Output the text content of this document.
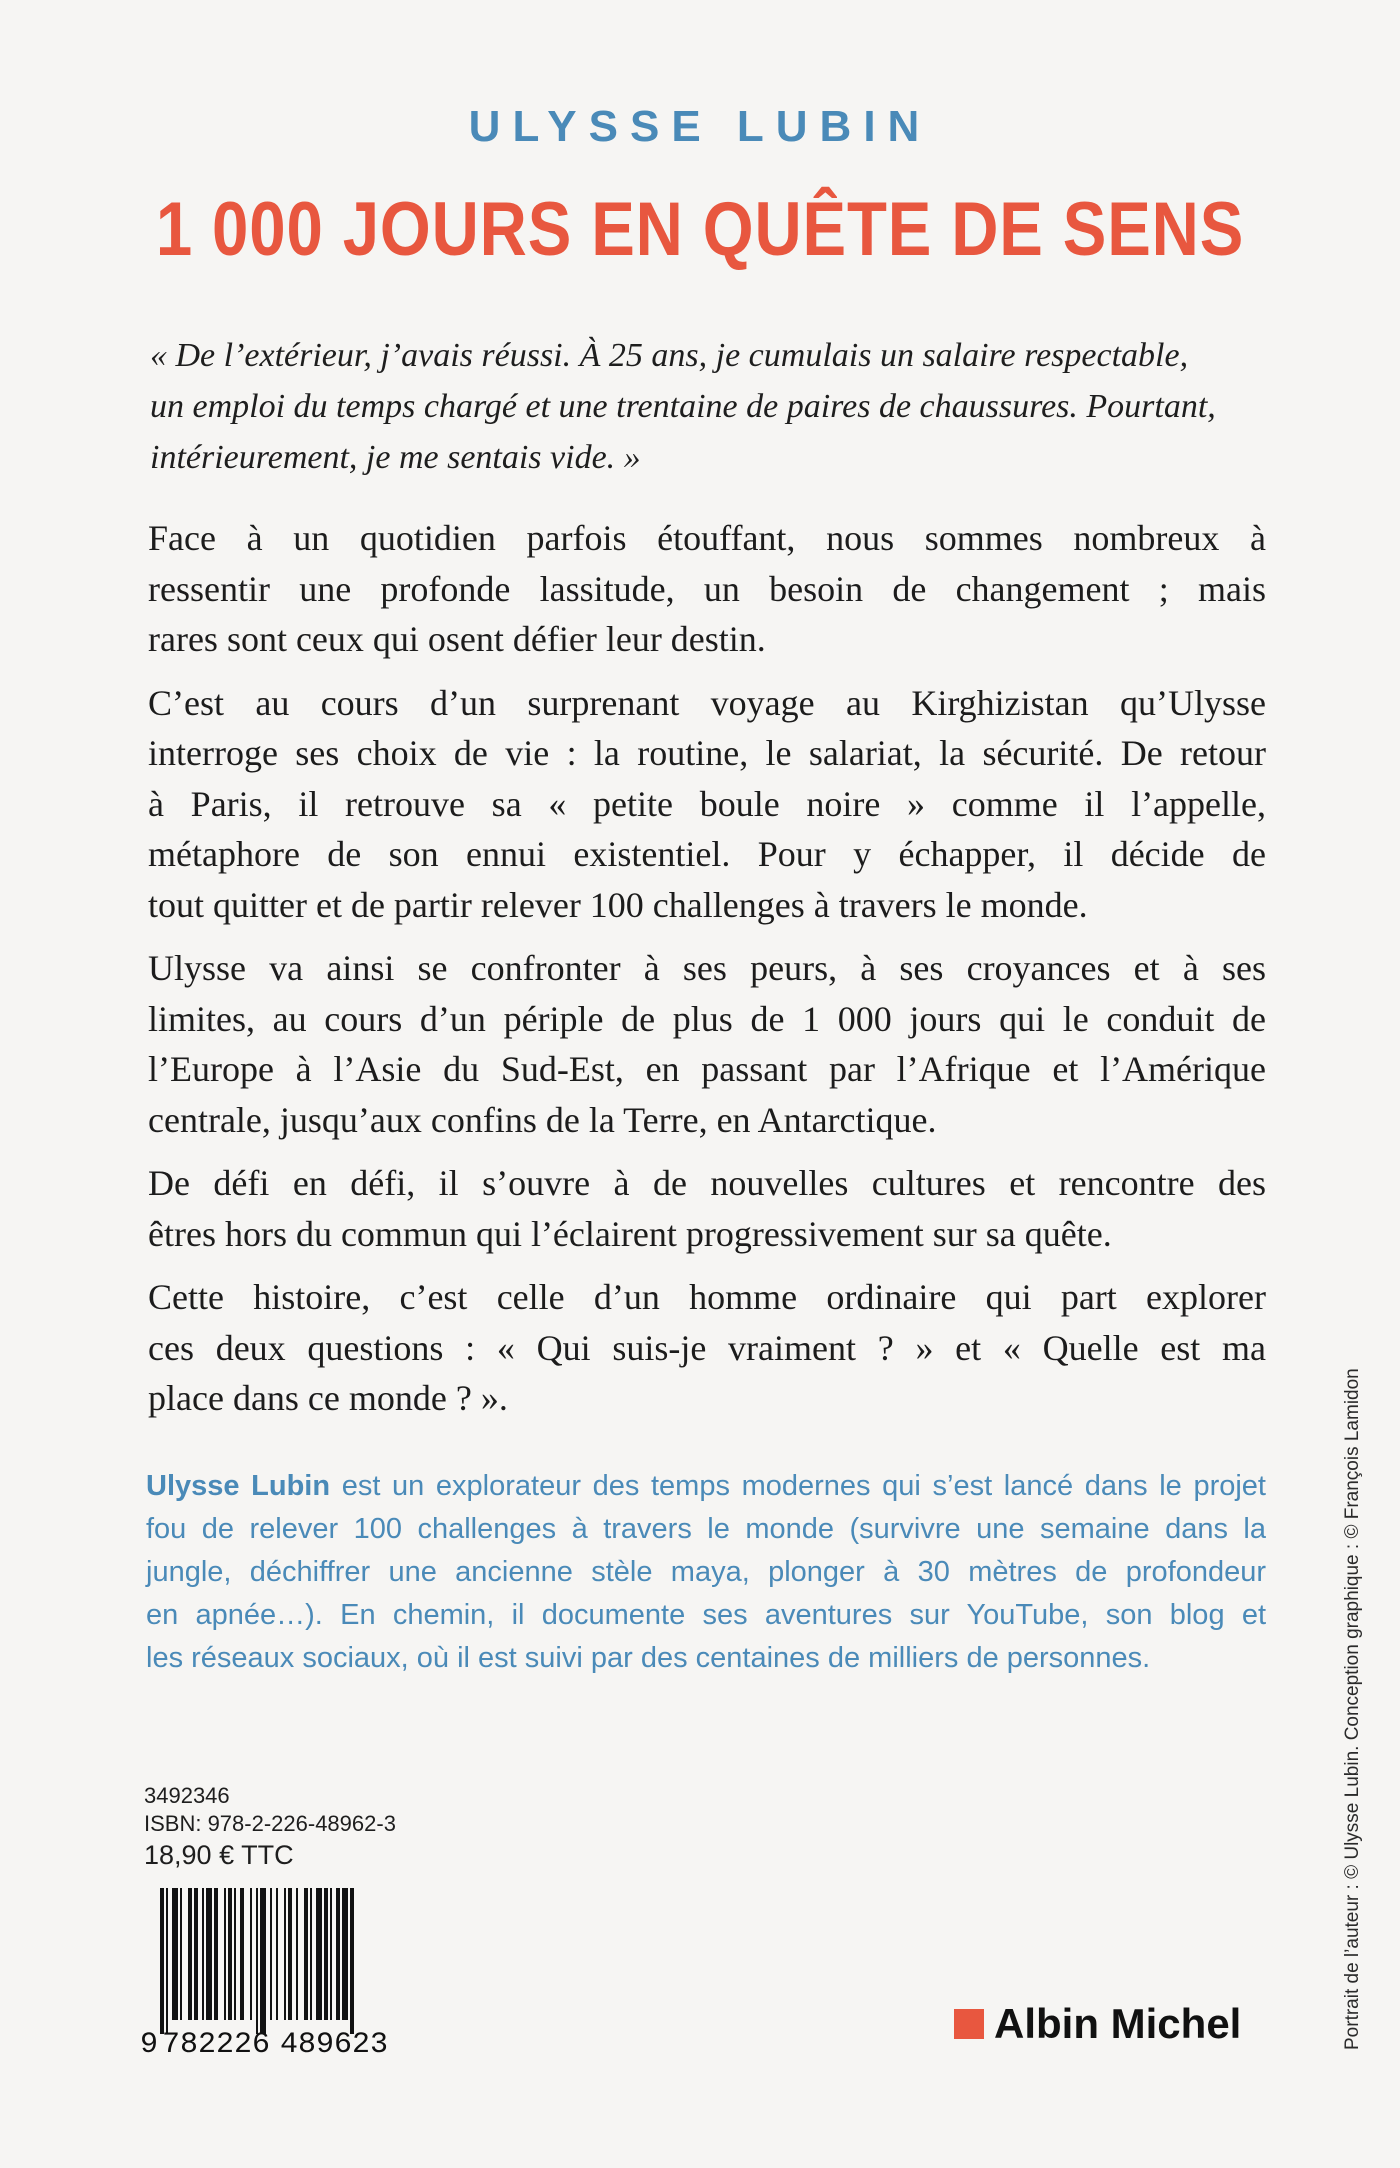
ULYSSE LUBIN
1 000 JOURS EN QUÊTE DE SENS
« De l’extérieur, j’avais réussi. À 25 ans, je cumulais un salaire respectable,
un emploi du temps chargé et une trentaine de paires de chaussures. Pourtant,
intérieurement, je me sentais vide. »

Face à un quotidien parfois étouffant, nous sommes nombreux à
ressentir une profonde lassitude, un besoin de changement ; mais
rares sont ceux qui osent défier leur destin.

C’est au cours d’un surprenant voyage au Kirghizistan qu’Ulysse
interroge ses choix de vie : la routine, le salariat, la sécurité. De retour
à Paris, il retrouve sa « petite boule noire » comme il l’appelle,
métaphore de son ennui existentiel. Pour y échapper, il décide de
tout quitter et de partir relever 100 challenges à travers le monde.

Ulysse va ainsi se confronter à ses peurs, à ses croyances et à ses
limites, au cours d’un périple de plus de 1 000 jours qui le conduit de
l’Europe à l’Asie du Sud-Est, en passant par l’Afrique et l’Amérique
centrale, jusqu’aux confins de la Terre, en Antarctique.

De défi en défi, il s’ouvre à de nouvelles cultures et rencontre des
êtres hors du commun qui l’éclairent progressivement sur sa quête.

Cette histoire, c’est celle d’un homme ordinaire qui part explorer
ces deux questions : « Qui suis-je vraiment ? » et « Quelle est ma
place dans ce monde ? ».

Ulysse Lubin est un explorateur des temps modernes qui s’est lancé dans le projet
fou de relever 100 challenges à travers le monde (survivre une semaine dans la
jungle, déchiffrer une ancienne stèle maya, plonger à 30 mètres de profondeur
en apnée…). En chemin, il documente ses aventures sur YouTube, son blog et
les réseaux sociaux, où il est suivi par des centaines de milliers de personnes.
3492346
ISBN: 978-2-226-48962-3
18,90 € TTC
9 782226 489623	Albin Michel	Portrait de l’auteur : © Ulysse Lubin. Conception graphique : © François Lamidon
